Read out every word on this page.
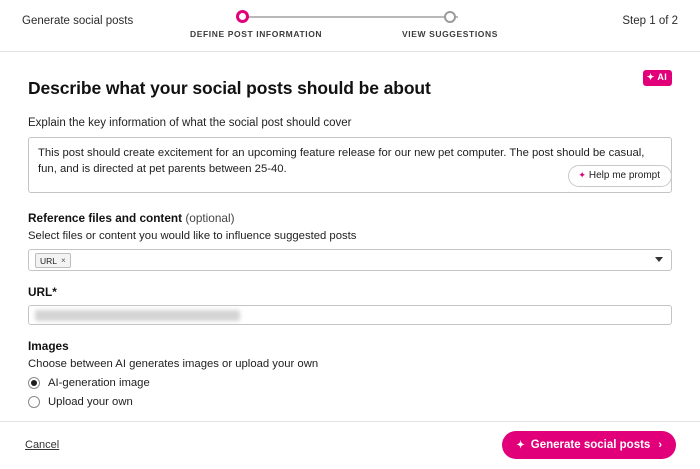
Generate social posts	Step 1 of 2
DEFINE POST INFORMATION	VIEW SUGGESTIONS
✦ AI
Describe what your social posts should be about
Explain the key information of what the social post should cover
✦ Help me prompt
This post should create excitement for an upcoming feature release for our new pet computer. The post should be casual, fun, and is directed at pet parents between 25-40.
Reference files and content (optional)
Select files or content you would like to influence suggested posts
URL ×
URL*
Images
Choose between AI generates images or upload your own
AI-generation image
Upload your own
Cancel	✦ Generate social posts ›
